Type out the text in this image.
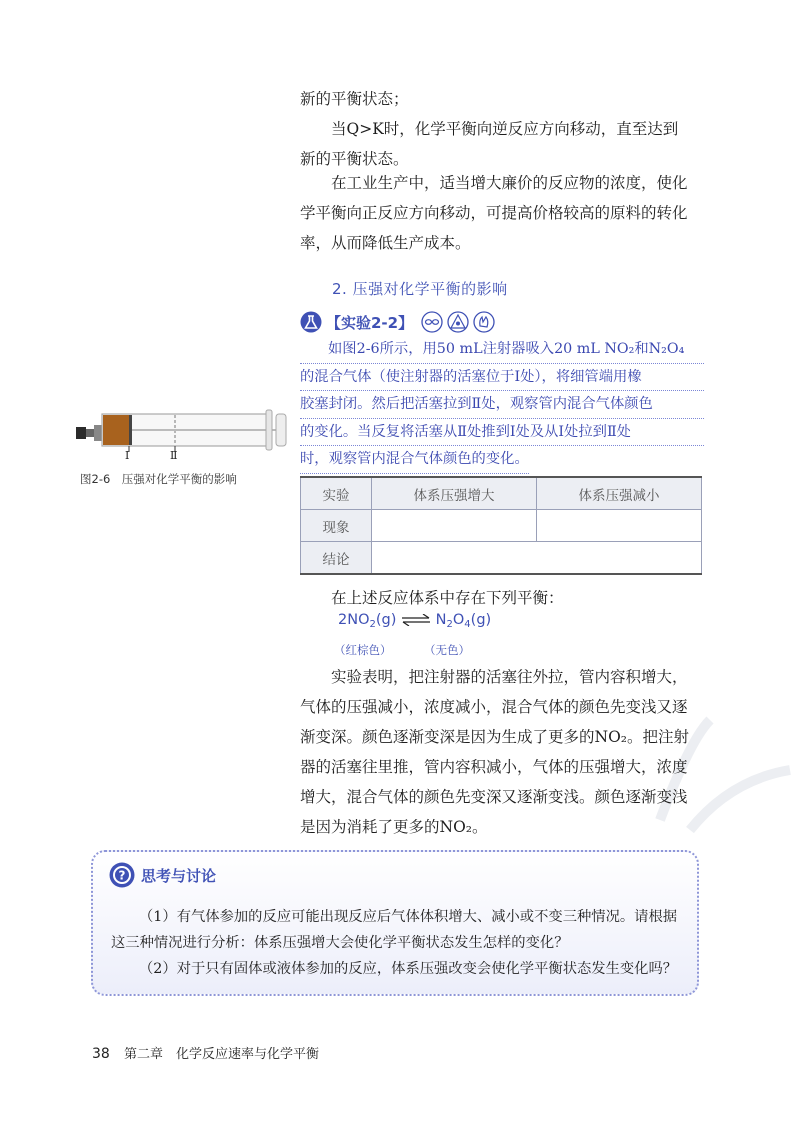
新的平衡状态；

当Q>K时，化学平衡向逆反应方向移动，直至达到

新的平衡状态。

在工业生产中，适当增大廉价的反应物的浓度，使化学平衡向正反应方向移动，可提高价格较高的原料的转化率，从而降低生产成本。

2. 压强对化学平衡的影响
【实验2-2】
如图2-6所示，用50 mL注射器吸入20 mL NO₂和N₂O₄
的混合气体（使注射器的活塞位于Ⅰ处），将细管端用橡
胶塞封闭。然后把活塞拉到Ⅱ处，观察管内混合气体颜色
的变化。当反复将活塞从Ⅱ处推到Ⅰ处及从Ⅰ处拉到Ⅱ处
时，观察管内混合气体颜色的变化。
Ⅰ	Ⅱ
图2-6　压强对化学平衡的影响
实验	体系压强增大	体系压强减小
现象		
结论		

在上述反应体系中存在下列平衡：

$2NO_2(g)$ ⇌ $N_2O_4(g)$
（红棕色）	（无色）

实验表明，把注射器的活塞往外拉，管内容积增大，气体的压强减小，浓度减小，混合气体的颜色先变浅又逐渐变深。颜色逐渐变深是因为生成了更多的NO₂。把注射器的活塞往里推，管内容积减小，气体的压强增大，浓度增大，混合气体的颜色先变深又逐渐变浅。颜色逐渐变浅是因为消耗了更多的NO₂。

? 思考与讨论

（1）有气体参加的反应可能出现反应后气体体积增大、减小或不变三种情况。请根据这三种情况进行分析：体系压强增大会使化学平衡状态发生怎样的变化？

（2）对于只有固体或液体参加的反应，体系压强改变会使化学平衡状态发生变化吗？

38 第二章　化学反应速率与化学平衡
